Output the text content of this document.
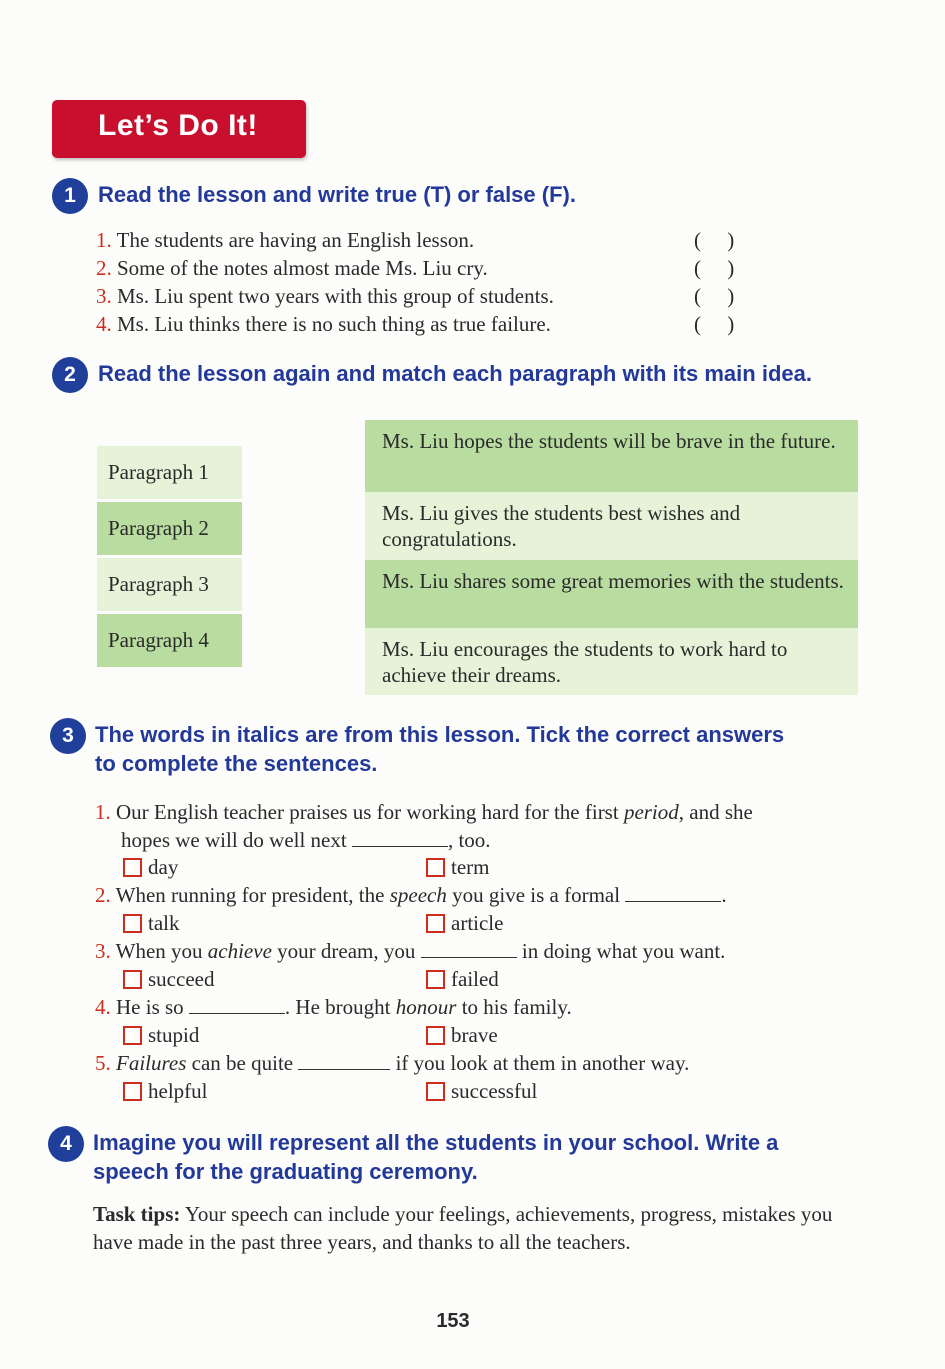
Let’s Do It!
1	Read the lesson and write true (T) or false (F).
1. The students are having an English lesson.	(     )
2. Some of the notes almost made Ms. Liu cry.	(     )
3. Ms. Liu spent two years with this group of students.	(     )
4. Ms. Liu thinks there is no such thing as true failure.	(     )
2	Read the lesson again and match each paragraph with its main idea.
Paragraph 1
Paragraph 2
Paragraph 3
Paragraph 4
Ms. Liu hopes the students will be brave in the future.
Ms. Liu gives the students best wishes and congratulations.
Ms. Liu shares some great memories with the students.
Ms. Liu encourages the students to work hard to achieve their dreams.
3 The words in italics are from this lesson. Tick the correct answers
to complete the sentences.
1. Our English teacher praises us for working hard for the first period, and she
hopes we will do well next	, too.
day	term
2. When running for president, the speech you give is a formal	.
talk	article
3. When you achieve your dream, you	in doing what you want.
succeed	failed
4. He is so	. He brought honour to his family.
stupid	brave
5. Failures can be quite	if you look at them in another way.
helpful	successful
4 Imagine you will represent all the students in your school. Write a
speech for the graduating ceremony.
Task tips: Your speech can include your feelings, achievements, progress, mistakes you have made in the past three years, and thanks to all the teachers.
153
